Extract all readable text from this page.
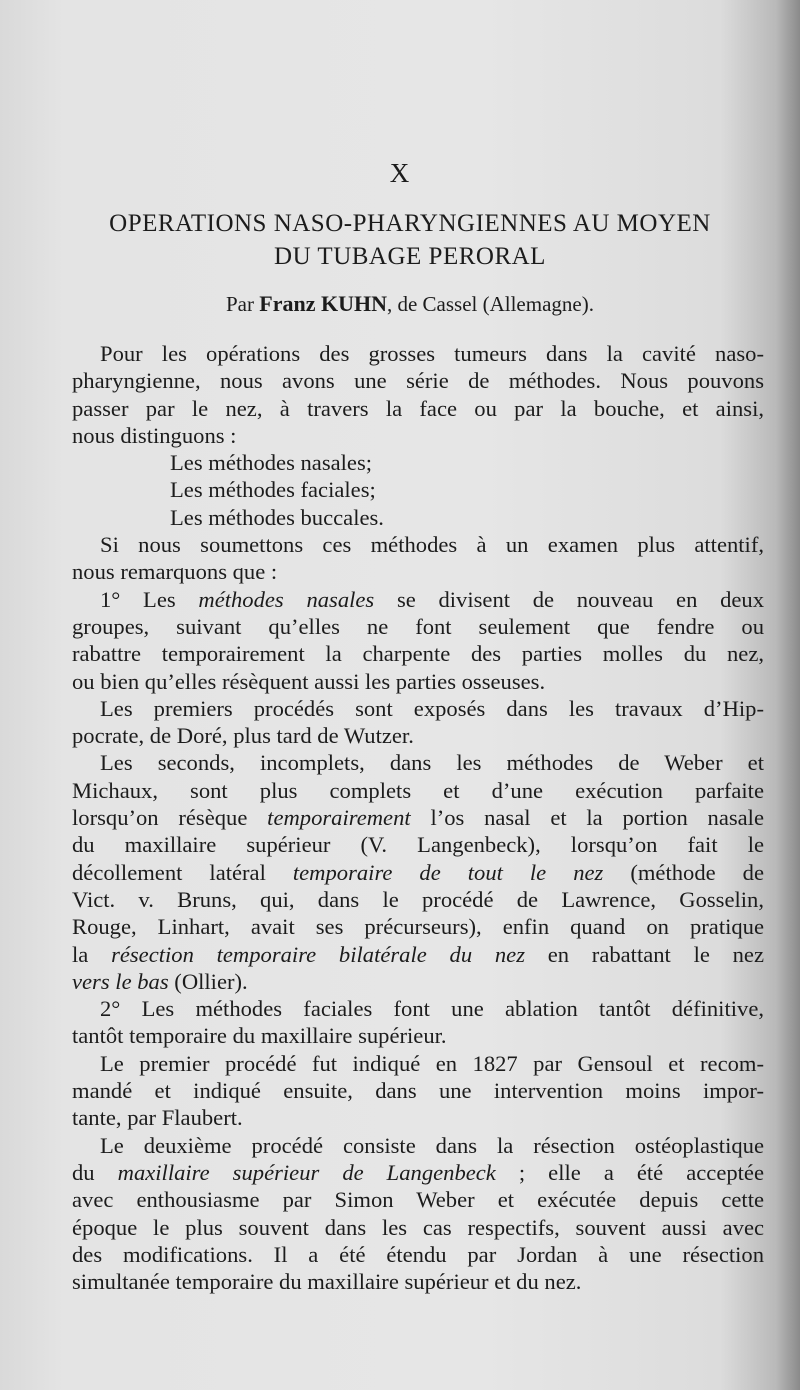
X
OPERATIONS NASO-PHARYNGIENNES AU MOYEN
DU TUBAGE PERORAL
Par Franz KUHN, de Cassel (Allemagne).
Pour les opérations des grosses tumeurs dans la cavité naso-
pharyngienne, nous avons une série de méthodes. Nous pouvons
passer par le nez, à travers la face ou par la bouche, et ainsi,
nous distinguons :
Les méthodes nasales;
Les méthodes faciales;
Les méthodes buccales.
Si nous soumettons ces méthodes à un examen plus attentif,
nous remarquons que :
1° Les méthodes nasales se divisent de nouveau en deux
groupes, suivant qu’elles ne font seulement que fendre ou
rabattre temporairement la charpente des parties molles du nez,
ou bien qu’elles résèquent aussi les parties osseuses.
Les premiers procédés sont exposés dans les travaux d’Hip-
pocrate, de Doré, plus tard de Wutzer.
Les seconds, incomplets, dans les méthodes de Weber et
Michaux, sont plus complets et d’une exécution parfaite
lorsqu’on résèque temporairement l’os nasal et la portion nasale
du maxillaire supérieur (V. Langenbeck), lorsqu’on fait le
décollement latéral temporaire de tout le nez (méthode de
Vict. v. Bruns, qui, dans le procédé de Lawrence, Gosselin,
Rouge, Linhart, avait ses précurseurs), enfin quand on pratique
la résection temporaire bilatérale du nez en rabattant le nez
vers le bas (Ollier).
2° Les méthodes faciales font une ablation tantôt définitive,
tantôt temporaire du maxillaire supérieur.
Le premier procédé fut indiqué en 1827 par Gensoul et recom-
mandé et indiqué ensuite, dans une intervention moins impor-
tante, par Flaubert.
Le deuxième procédé consiste dans la résection ostéoplastique
du maxillaire supérieur de Langenbeck ; elle a été acceptée
avec enthousiasme par Simon Weber et exécutée depuis cette
époque le plus souvent dans les cas respectifs, souvent aussi avec
des modifications. Il a été étendu par Jordan à une résection
simultanée temporaire du maxillaire supérieur et du nez.
